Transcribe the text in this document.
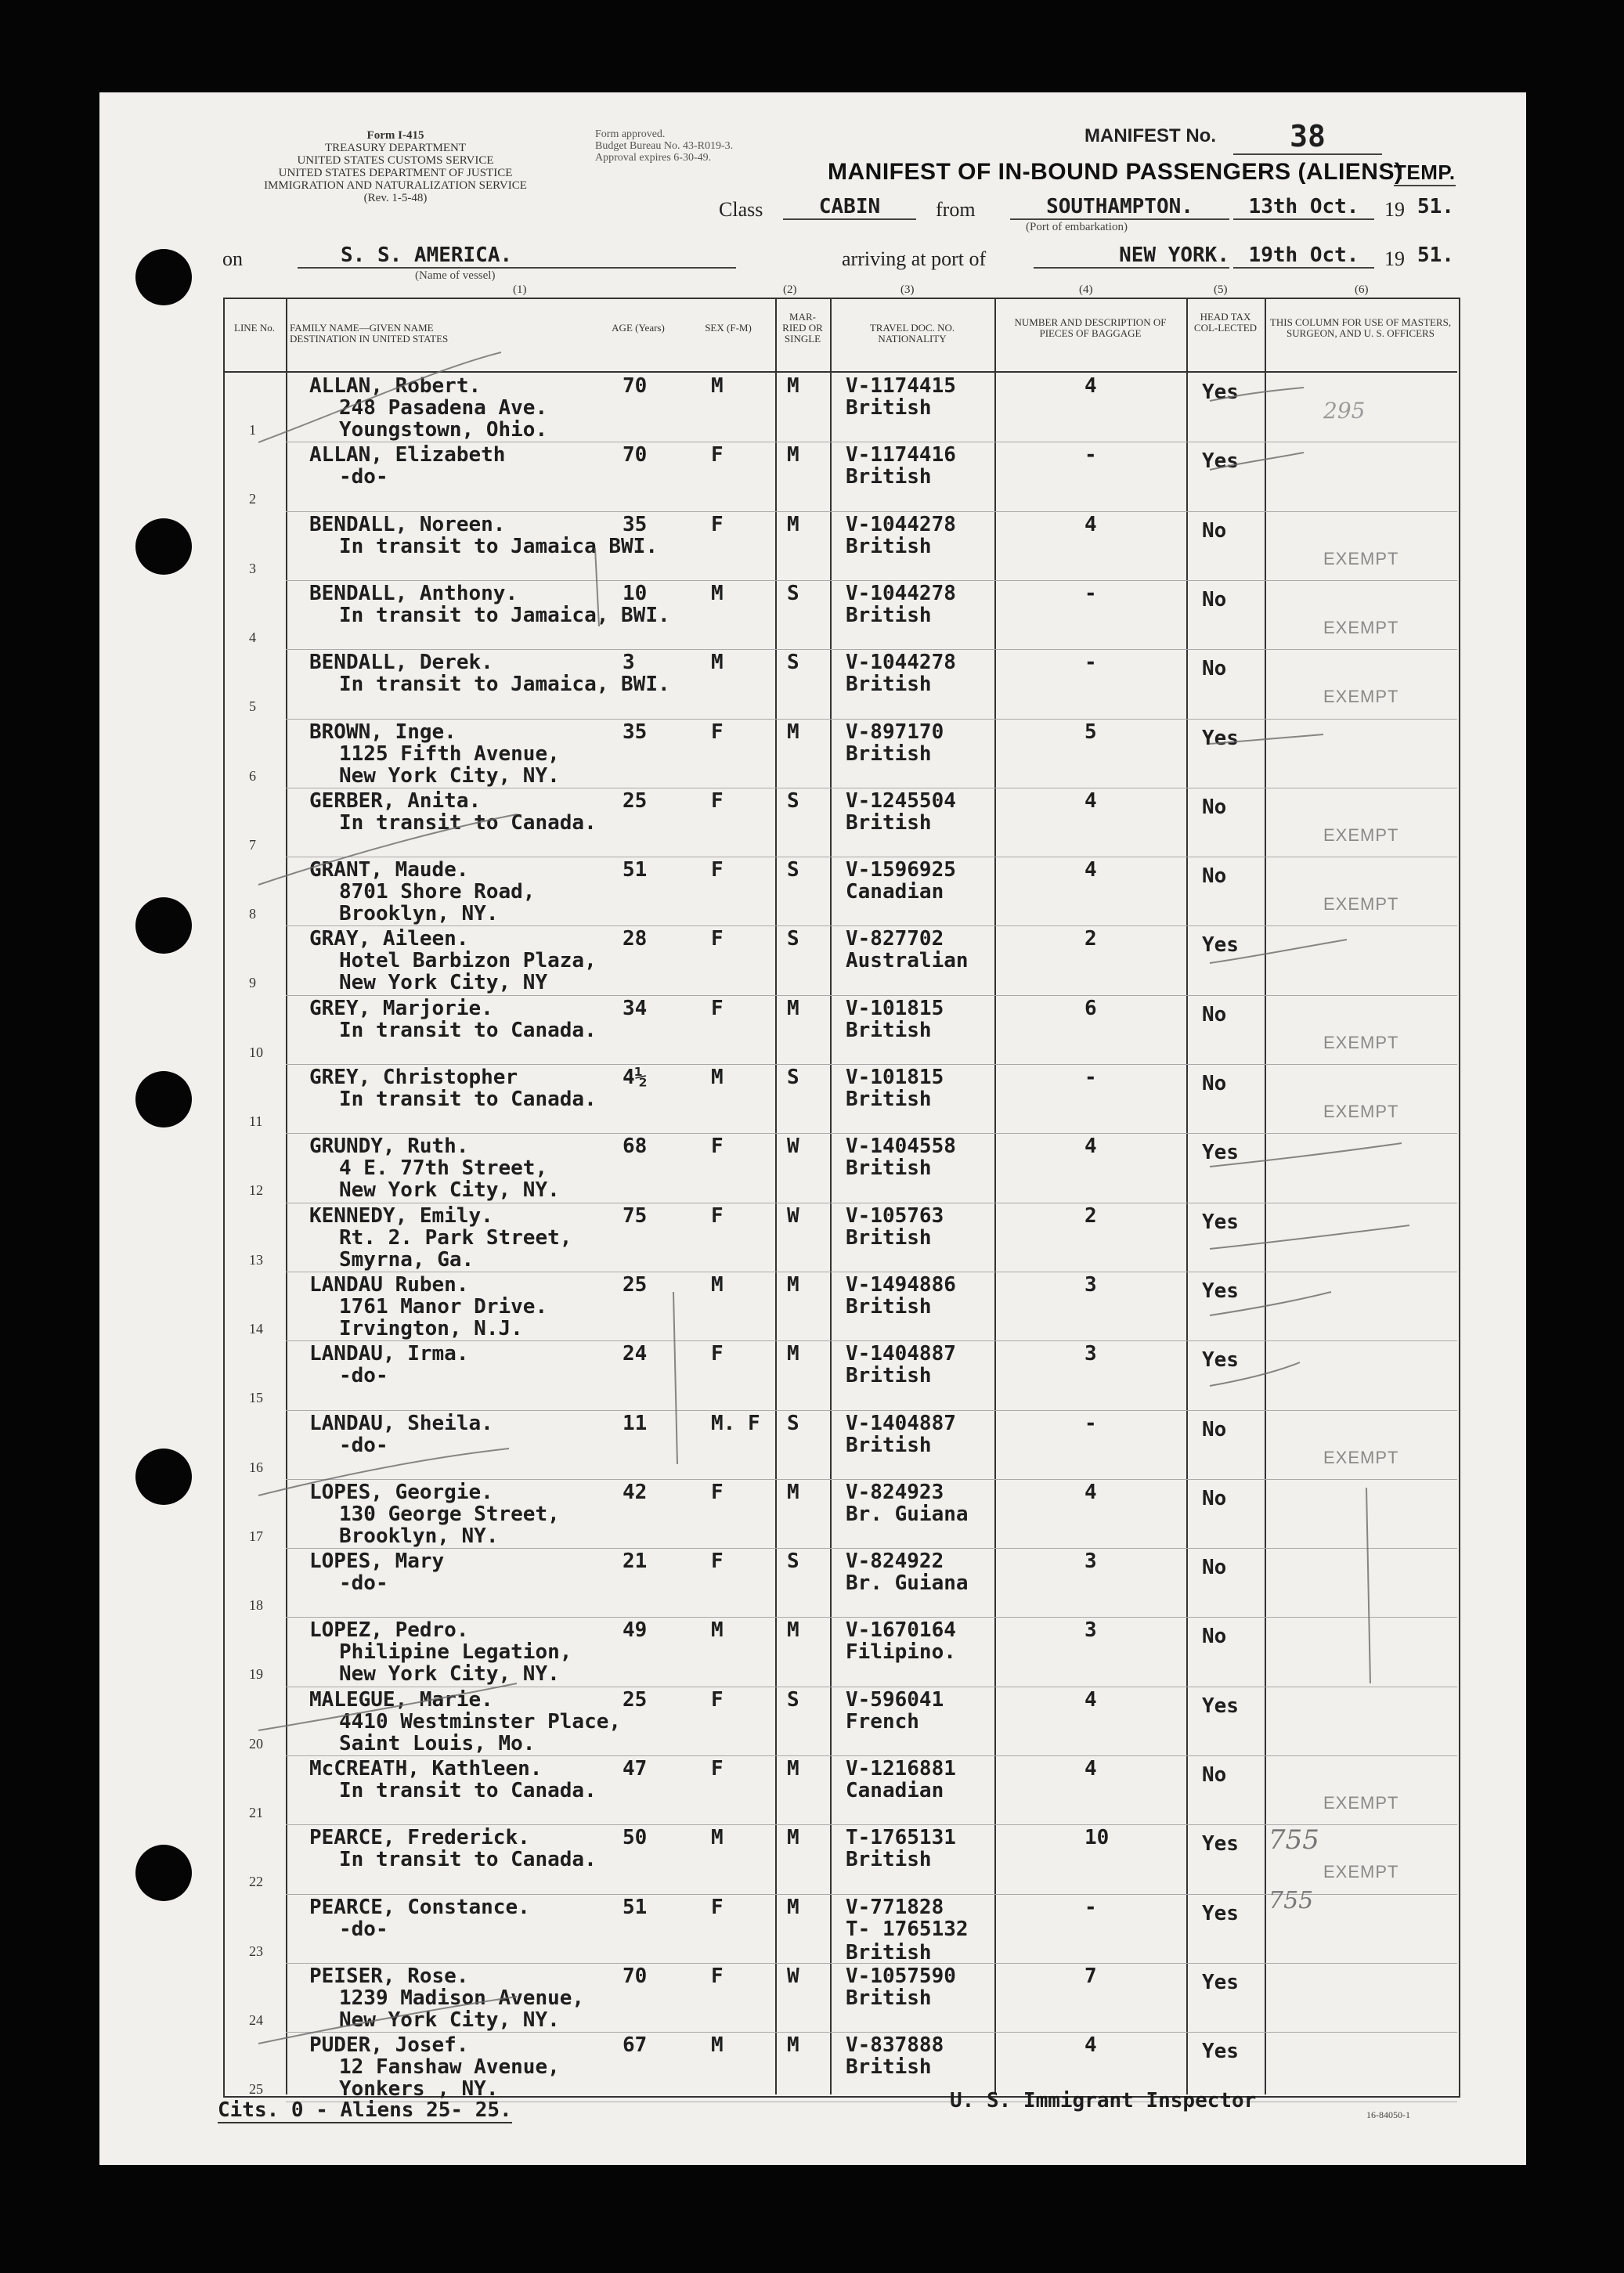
Form I-415
TREASURY DEPARTMENT
UNITED STATES CUSTOMS SERVICE
UNITED STATES DEPARTMENT OF JUSTICE
IMMIGRATION AND NATURALIZATION SERVICE
(Rev. 1-5-48)
Form approved.
Budget Bureau No. 43-R019-3.
Approval expires 6-30-49.
MANIFEST No.	38
MANIFEST OF IN-BOUND PASSENGERS (ALIENS)
TEMP.
Class	CABIN	from	SOUTHAMPTON.
(Port of embarkation)
13th Oct.	19 51.
on	S. S. AMERICA.
(Name of vessel)
arriving at port of	NEW YORK. 19th Oct.	19 51.
(1)	(2)	(3)	(4)	(5)	(6)
LINE No.	FAMILY NAME—GIVEN NAME DESTINATION IN UNITED STATES
AGE (Years)	SEX (F-M)
MAR-RIED OR SINGLE
TRAVEL DOC. NO. NATIONALITY
NUMBER AND DESCRIPTION OF PIECES OF BAGGAGE
HEAD TAX COL-LECTED	THIS COLUMN FOR USE OF MASTERS, SURGEON, AND U. S. OFFICERS
1
ALLAN, Robert.
248 Pasadena Ave.
Youngstown, Ohio.
70	M	M V-1174415
British
4	Yes
2
ALLAN, Elizabeth
-do-
70	F	M V-1174416
British
-	Yes
3
BENDALL, Noreen.
In transit to Jamaica BWI.
35	F	M V-1044278
British
4	No
EXEMPT
4
BENDALL, Anthony.
In transit to Jamaica, BWI.
10	M	S V-1044278
British
-	No
EXEMPT
5
BENDALL, Derek.
In transit to Jamaica, BWI.
3	M	S V-1044278
British
-	No
EXEMPT
6
BROWN, Inge.
1125 Fifth Avenue,
New York City, NY.
35	F	M V-897170
British
5	Yes
7
GERBER, Anita.
In transit to Canada.
25	F	S V-1245504
British
4	No
EXEMPT
8
GRANT, Maude.
8701 Shore Road,
Brooklyn, NY.
51	F	S V-1596925
Canadian
4	No
EXEMPT
9
GRAY, Aileen.
Hotel Barbizon Plaza,
New York City, NY
28	F	S V-827702
Australian
2	Yes
10
GREY, Marjorie.
In transit to Canada.
34	F	M V-101815
British
6	No
EXEMPT
11
GREY, Christopher
In transit to Canada.
4½	M	S V-101815
British
-	No
EXEMPT
12
GRUNDY, Ruth.
4 E. 77th Street,
New York City, NY.
68	F	W V-1404558
British
4	Yes
13
KENNEDY, Emily.
Rt. 2. Park Street,
Smyrna, Ga.
75	F	W V-105763
British
2	Yes
14
LANDAU Ruben.
1761 Manor Drive.
Irvington, N.J.
25	M	M V-1494886
British
3	Yes
15
LANDAU, Irma.
-do-
24	F	M V-1404887
British
3	Yes
16
LANDAU, Sheila.
-do-
11	M. F S V-1404887
British
-	No
EXEMPT
17
LOPES, Georgie.
130 George Street,
Brooklyn, NY.
42	F	M V-824923
Br. Guiana
4	No
18
LOPES, Mary
-do-
21	F	S V-824922
Br. Guiana
3	No
19
LOPEZ, Pedro.
Philipine Legation,
New York City, NY.
49	M	M V-1670164
Filipino.
3	No
20
MALEGUE, Marie.
4410 Westminster Place,
Saint Louis, Mo.
25	F	S V-596041
French
4	Yes
21
McCREATH, Kathleen.
In transit to Canada.
47	F	M V-1216881
Canadian
4	No
EXEMPT
22
PEARCE, Frederick.
In transit to Canada.
50	M	M T-1765131
British
10	Yes
EXEMPT
23
PEARCE, Constance.
-do-
51	F	M V-771828
T- 1765132 British
-	Yes
24
PEISER, Rose.
1239 Madison Avenue,
New York City, NY.
70	F	W V-1057590
British
7	Yes
25
PUDER, Josef.
12 Fanshaw Avenue,
Yonkers , NY.
67	M	M V-837888
British
4	Yes
295
755
755
Cits. 0 - Aliens 25- 25.	U. S. Immigrant Inspector
16-84050-1
